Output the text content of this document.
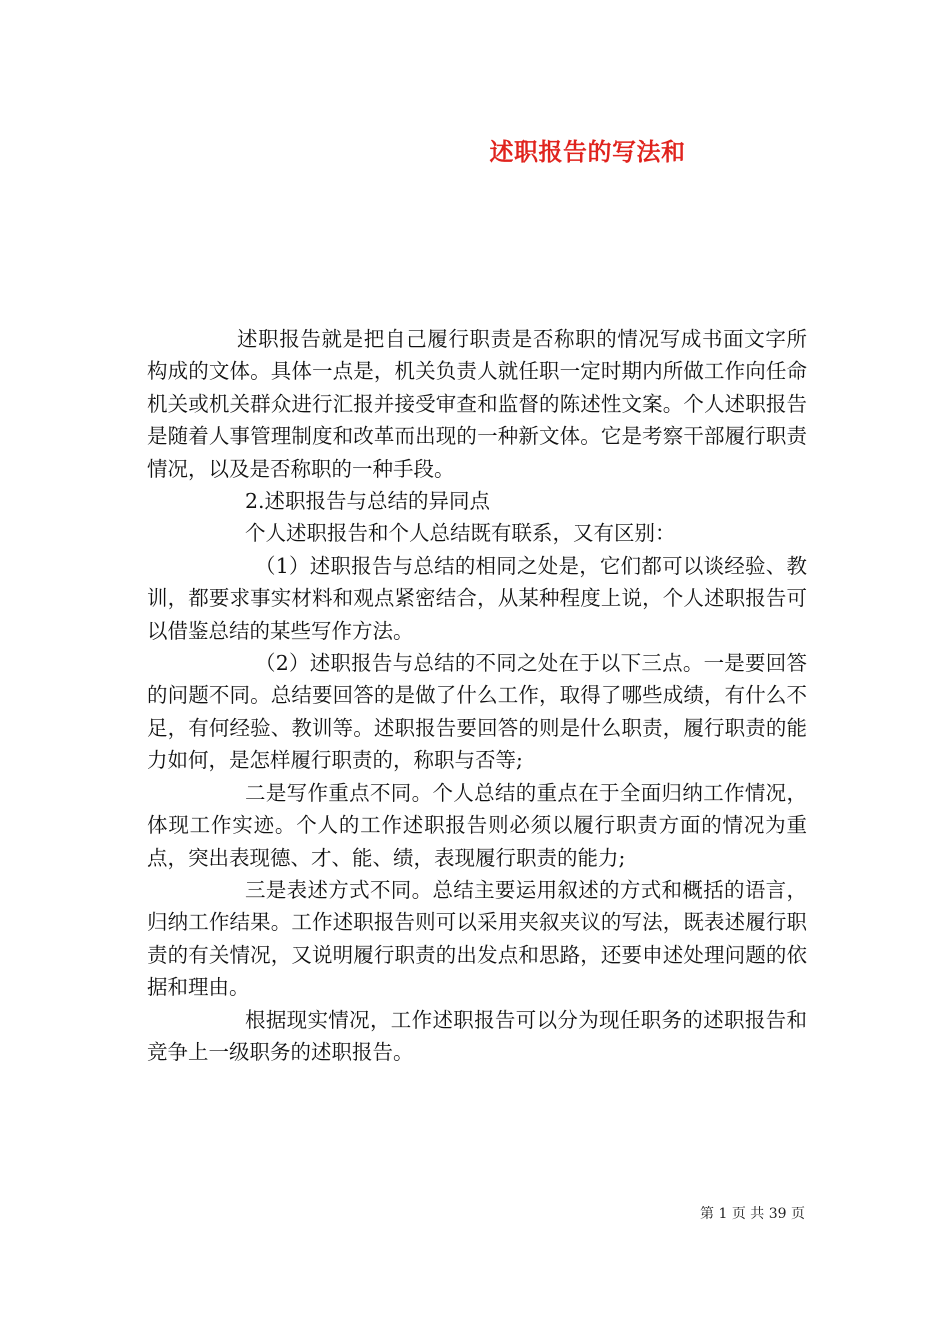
述职报告的写法和

述职报告就是把自己履行职责是否称职的情况写成书面文字所构成的文体。具体一点是，机关负责人就任职一定时期内所做工作向任命机关或机关群众进行汇报并接受审查和监督的陈述性文案。个人述职报告是随着人事管理制度和改革而出现的一种新文体。它是考察干部履行职责情况，以及是否称职的一种手段。

2.述职报告与总结的异同点

个人述职报告和个人总结既有联系，又有区别：

（1）述职报告与总结的相同之处是，它们都可以谈经验、教训，都要求事实材料和观点紧密结合，从某种程度上说，个人述职报告可以借鉴总结的某些写作方法。

（2）述职报告与总结的不同之处在于以下三点。一是要回答的问题不同。总结要回答的是做了什么工作，取得了哪些成绩，有什么不足，有何经验、教训等。述职报告要回答的则是什么职责，履行职责的能力如何，是怎样履行职责的，称职与否等;

二是写作重点不同。个人总结的重点在于全面归纳工作情况，体现工作实迹。个人的工作述职报告则必须以履行职责方面的情况为重点，突出表现德、才、能、绩，表现履行职责的能力;

三是表述方式不同。总结主要运用叙述的方式和概括的语言，归纳工作结果。工作述职报告则可以采用夹叙夹议的写法，既表述履行职责的有关情况，又说明履行职责的出发点和思路，还要申述处理问题的依据和理由。

根据现实情况，工作述职报告可以分为现任职务的述职报告和竞争上一级职务的述职报告。

第 1 页 共 39 页
